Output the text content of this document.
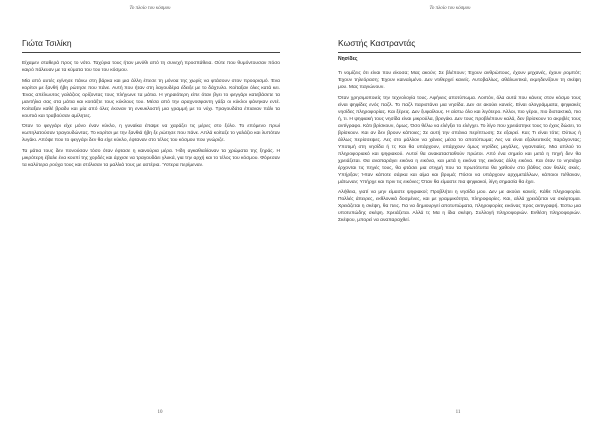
Το πλοίο του κόσμου
Γιώτα Τσιλίκη

Είχαμεν σταθερά προς το νότο. Ταχύρια τους ήταν μινύθι από τη συνεχή προσπάθεια. Ούτε που θυμόντουσαν πόσο καιρό πάλευαν με τα κύματα του του του κόσμου.

Μία από αυτές εγίνησε πάνω στη βάρκα και μια άλλη έπεσε τη μόνοα της χωρίς να φτάσουν στον προορισμό. Ένα κορίτσι με ξανθή ήβη ρώτησε που πάνε. Αυτή που ήταν στη λαγουδέρα έδειξε με το δάχτυλο. Κοίταξαν όλες κατά κει. Ένας απέλωυτος γαλάζιος ορίζοντας τους πλήγωνε τα μάτια. Η γηραιότερη είπε όταν βγει το φεγγάρι κατεβάσετε τα μαντήλια σας στα μάτια και κοιτάξτε τους κύκλους του. Μέσα από την αραχνοϋφαντη γάζα οι κύκλοι φάνηκαν εντέ. Κοίταξαν καθέ βραδυ και μία από όλες έκοναν τη ενκυκλοστή μια γραμμή με το νύχι. Τραγουδάτα έπιαναν πάλι τα κουπιά και τραβούσαν αμίλητες.

Όταν το φεγγάρι είχε μόνο έναν κύκλο, η γυναίκα έπαψε να χαράζει τις μέρες στο ξύλο. Το επόμενο πρωί κωπηλατούσαν τραγουδώντας. Το κορίτσι με την ξανθιά ήβη ξε ρώτησε που πάνε. Απλά κοίταζε το γαλάζιο και λυπόταν λυγάκι. Απόψε που το φεγγάρι δεν θα είχε κύκλο, έφταναν στο τέλος του κόσμου που γνώριζε.

Τα μάτια τους δεν πονούσαν τόσο όταν έφτασε η καινούρια μέρα. Ήδη αγκαθιαλίαναν τα χρώματα της ξηράς. Η μικρότερη έβαλε ένα κουπί της χορδές και άρχισε να τραγουδάει γλυκά, για την αρχή και το τέλος του κόσμου. Φόρεσαν τα καλύτερα ρούχα τους και στόλισαν τα μαλλιά τους με αστέρια. Ύστερα περίμεναν.

10
Το πλοίο του κόσμου
Κωστής Καστραντάς
Νησίδες

Τι νομίζεις ότι είναι που είκοσα; Μας ακούν; Σε βλέπουν; Έχουν ανθρώπους, έχουν μηχανές, έχουν ρομπότ; Έχουν τηλεόραση; Έχουν καιναλμένο. Δεν ντιθερχεί κανείς. Αυτοβαλίως, αθάλωντικά, εκμηδενίζουν τη σκέψη μου. Μας παγιώνουν.

Όταν χρησιμοποιείς την τεχνολογία τους. Αφήνεις αποτύπωμα. Λοιπόν, όλα αυτά που κάνεις στον κόσμο τους είναι ψηφίδες ενός παζλ. Το παζλ παριστάνει μια νησίδα. Δεν σε ακούει κανείς. Είναι ολογράμματα, ψηφιακές νησίδες πληροφορίας. Και ξέρεις. Δεν ξυφαίλους. Η αίστω όλο και λιγότερο. Άλλοι, πιο γέροι, πιο διστακτικά, πιο ή, τι. Η ψηφιακή τους νησίδα είναι μικρούλα, βρεγάκι. Δεν τους προβλέπουν καλά, δεν βρίσκουν το ακριβές τους αντίγραφο. Κάτι βρίσκουν, όμως. Όσο θέλω να ελέγξει το ελέγχει. Το λίγο που χρειάστηκε τους το έχεις δώσει, το βρίσκουν. Και αν δεν βρουν κάποιες; Σε αυτή την σπάνια περίπτωση; Σε εξαιρεί. Και; Τι είναι τότε; Ούτως ή άλλως περίσσεψες. Λες στο μάλλον να χάνεις μέσα το αποτύπωμα; Λες να είναι εξαλιευτικός παράγοντας; Υποτιμή στη νησίδα ή τι; Και θα υπάρχουν, υπάρχουν όμως νησίδες μεγάλες, γιγαντιαίες. Μια απλού το πληροφοριακό και ψηφιακού. Αυτοί θα ανακατασταθούν πρώτοι. Από ένα σημείο και μετά η πηγή δεν θα χρειάζεται. Θα αναπαράγει εικόνα η εικόνα, και μετά η εικόνα της εικόνας άλλη εικόνα. Και όταν το νησιάχα έρχονται τις πηγές τους, θα φτάσει μια στιγμή που τα πρωτότυπα θα χαθούν στο βάθος σαν θολές σκιές. Υπήρξαν; Ήταν κάποτε σάρκα και αίμα και βρυμά; Πόσοι να υπάρχουν αρχιμετάλλων, κάποιοι πέθαναν, μάτωναν; Υπήρχε και πριν τις εικόνες; Όταν θα είμαστε πια ψηφιακοί, λίγη σημασία θα έχει.

Αλήθεια, γιατί να μην είμαστε ψηφιακοί; Προβλήτει η νησίδα μου. Δεν με ακούει κανείς. Κάθε πληροφορία. Πολλές άπειρες, εκθλονικά δοσμένες, και με γραμμικότητα, πληροφορίες. Και, αλλά χρειάζεται να σκέφτομαι. Χρειάζεται η σκέψη, θα πεις. Για να δημιουργεί αποτυπώματα, πληροφορίες εικόνας προς αντιγραφή. Έστω μια υποτυπώδης σκέψη. Χρειάζεται. Αλλά τι; Μα η ίδια σκέψη. Συλλογή πληροφοριών. Ενθέση πληροφοριών. Σκέψου, μπορεί να αναπαραχθεί.

11
